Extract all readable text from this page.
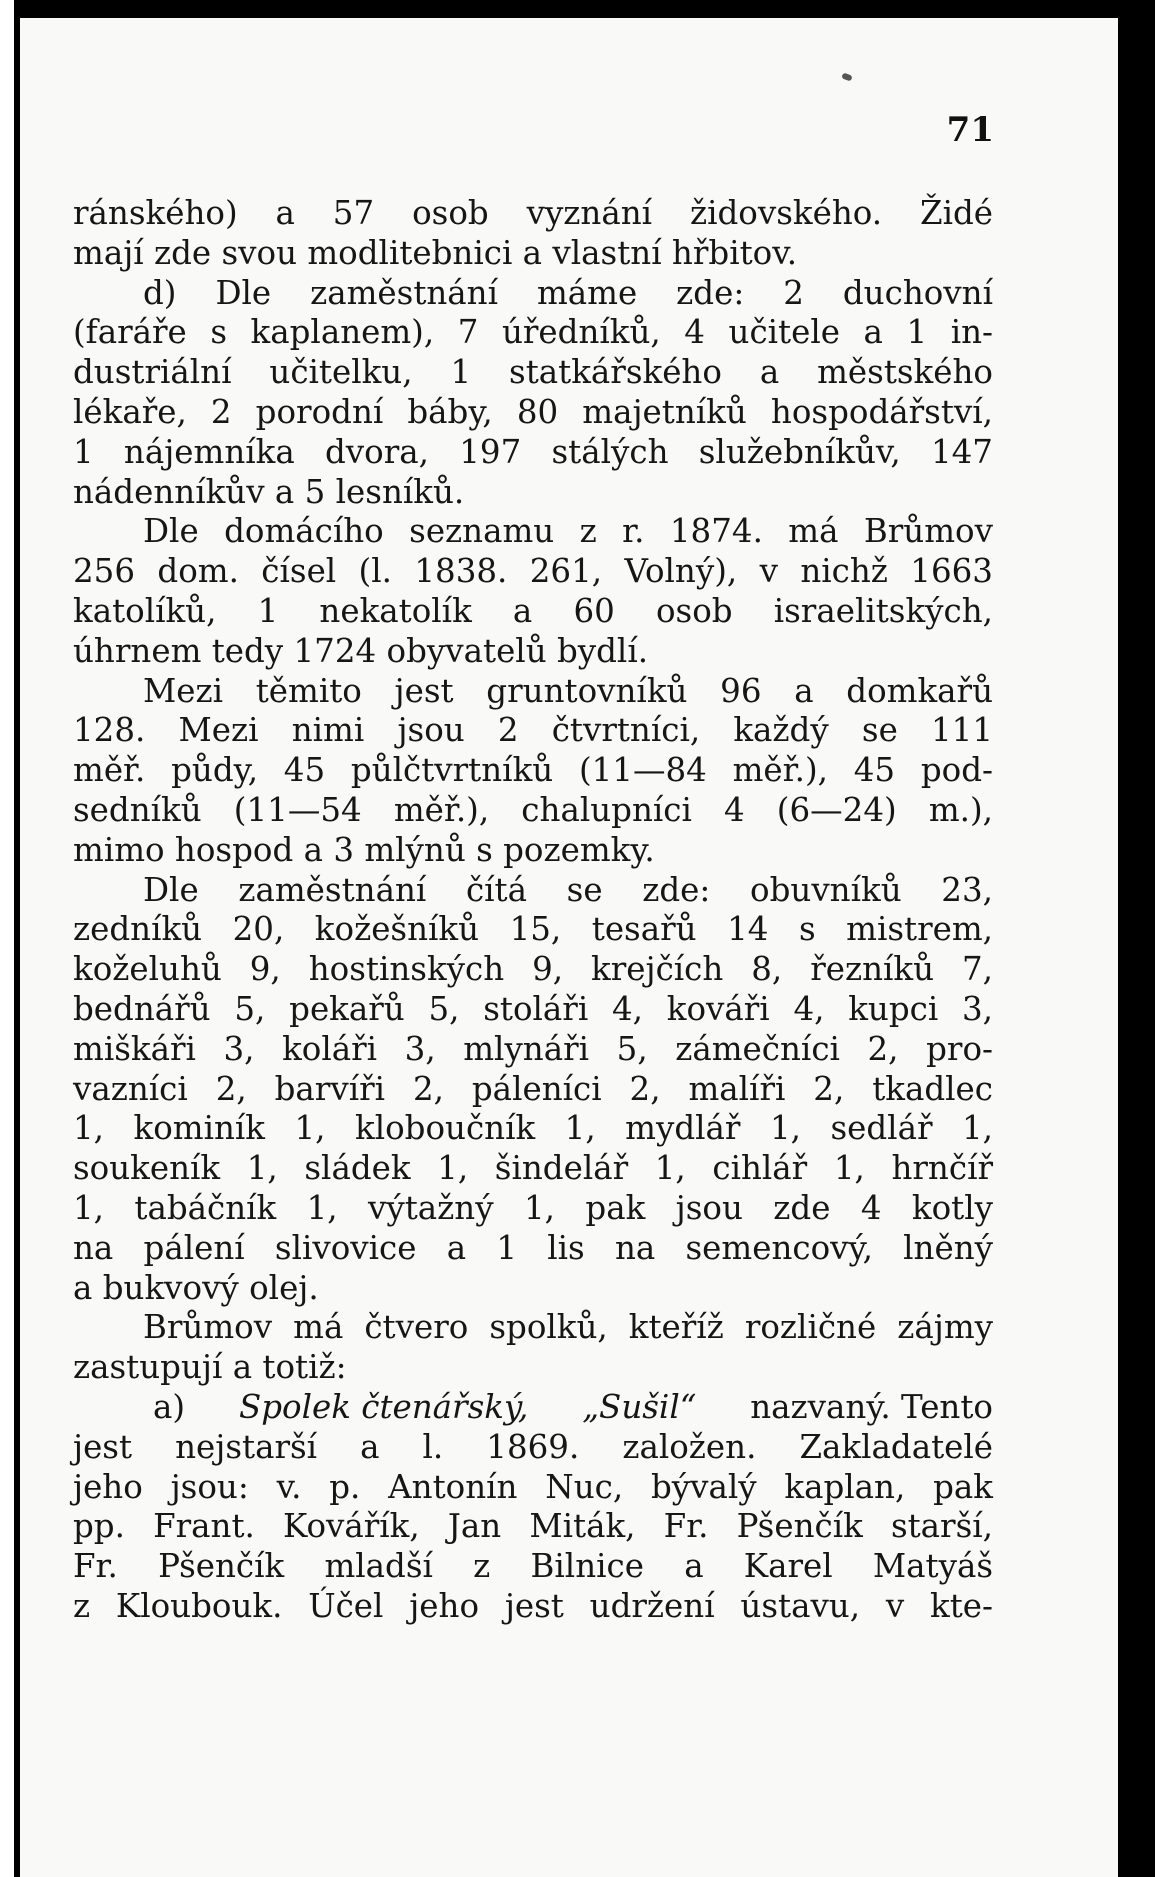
71
ránského) a 57 osob vyznání židovského. Židé
mají zde svou modlitebnici a vlastní hřbitov.
d) Dle zaměstnání máme zde: 2 duchovní
(faráře s kaplanem), 7 úředníků, 4 učitele a 1 in-
dustriální učitelku, 1 statkářského a městského
lékaře, 2 porodní báby, 80 majetníků hospodářství,
1 nájemníka dvora, 197 stálých služebníkův, 147
nádenníkův a 5 lesníků.
Dle domácího seznamu z r. 1874. má Brůmov
256 dom. čísel (l. 1838. 261, Volný), v nichž 1663
katolíků, 1 nekatolík a 60 osob israelitských,
úhrnem tedy 1724 obyvatelů bydlí.
Mezi těmito jest gruntovníků 96 a domkařů
128. Mezi nimi jsou 2 čtvrtníci, každý se 111
měř. půdy, 45 půlčtvrtníků (11—84 měř.), 45 pod-
sedníků (11—54 měř.), chalupníci 4 (6—24) m.),
mimo hospod a 3 mlýnů s pozemky.
Dle zaměstnání čítá se zde: obuvníků 23,
zedníků 20, kožešníků 15, tesařů 14 s mistrem,
koželuhů 9, hostinských 9, krejčích 8, řezníků 7,
bednářů 5, pekařů 5, stoláři 4, kováři 4, kupci 3,
miškáři 3, koláři 3, mlynáři 5, zámečníci 2, pro-
vazníci 2, barvíři 2, páleníci 2, malíři 2, tkadlec
1, kominík 1, kloboučník 1, mydlář 1, sedlář 1,
soukeník 1, sládek 1, šindelář 1, cihlář 1, hrnčíř
1, tabáčník 1, výtažný 1, pak jsou zde 4 kotly
na pálení slivovice a 1 lis na semencový, lněný
a bukvový olej.
Brůmov má čtvero spolků, kteříž rozličné zájmy
zastupují a totiž:
a) Spolek čtenářský, „Sušil“ nazvaný. Tento
jest nejstarší a l. 1869. založen. Zakladatelé
jeho jsou: v. p. Antonín Nuc, bývalý kaplan, pak
pp. Frant. Kovářík, Jan Miták, Fr. Pšenčík starší,
Fr. Pšenčík mladší z Bilnice a Karel Matyáš
z Kloubouk. Účel jeho jest udržení ústavu, v kte-
